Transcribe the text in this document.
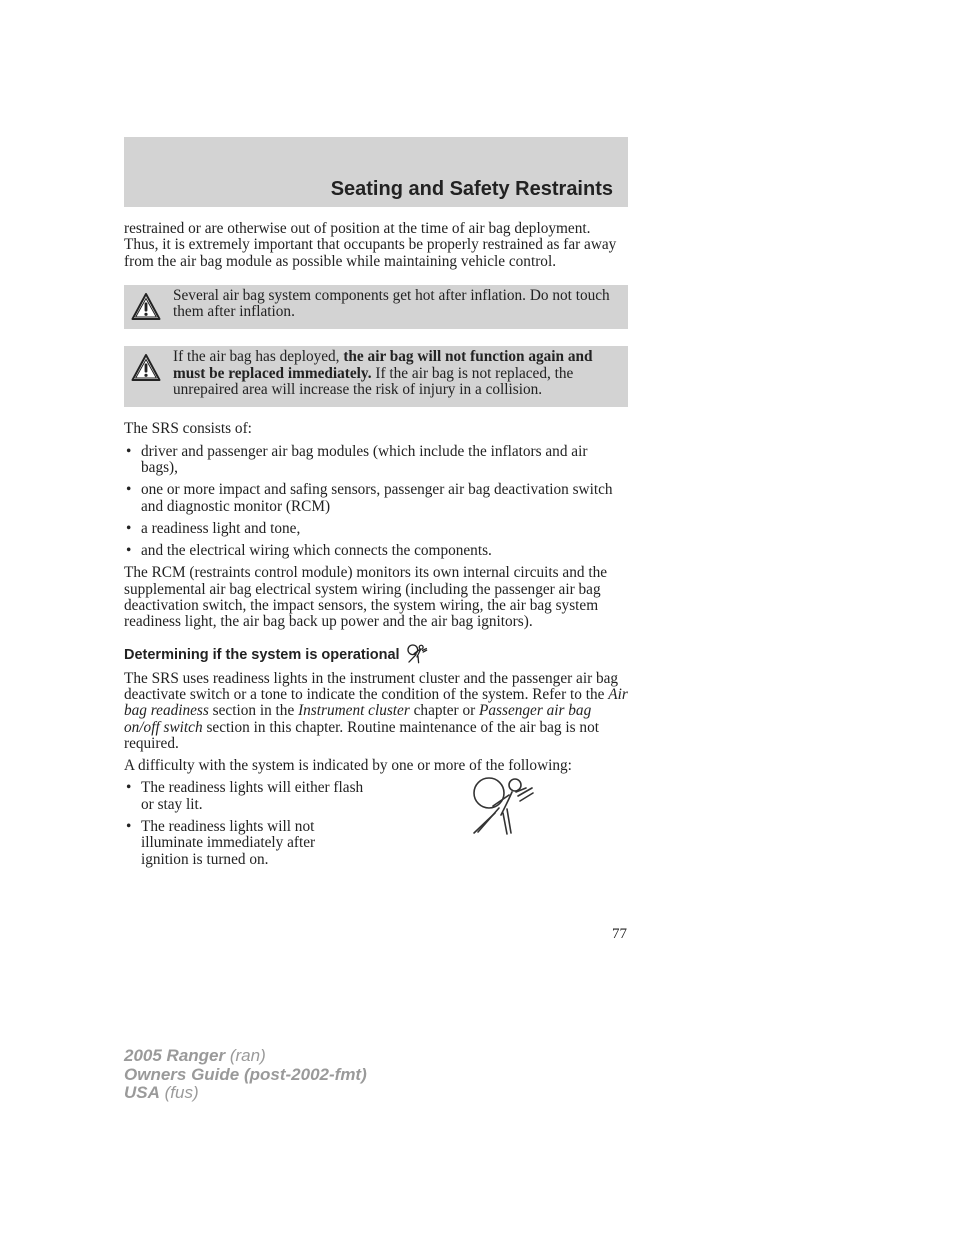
Seating and Safety Restraints

restrained or are otherwise out of position at the time of air bag deployment. Thus, it is extremely important that occupants be properly restrained as far away from the air bag module as possible while maintaining vehicle control.

Several air bag system components get hot after inflation. Do not touch them after inflation.
If the air bag has deployed, the air bag will not function again and must be replaced immediately. If the air bag is not replaced, the unrepaired area will increase the risk of injury in a collision.

The SRS consists of:

• driver and passenger air bag modules (which include the inflators and air bags),
• one or more impact and safing sensors, passenger air bag deactivation switch and diagnostic monitor (RCM)
• a readiness light and tone,
• and the electrical wiring which connects the components.

The RCM (restraints control module) monitors its own internal circuits and the supplemental air bag electrical system wiring (including the passenger air bag deactivation switch, the impact sensors, the system wiring, the air bag system readiness light, the air bag back up power and the air bag ignitors).

Determining if the system is operational

The SRS uses readiness lights in the instrument cluster and the passenger air bag deactivate switch or a tone to indicate the condition of the system. Refer to the Air bag readiness section in the Instrument cluster chapter or Passenger air bag on/off switch section in this chapter. Routine maintenance of the air bag is not required.

A difficulty with the system is indicated by one or more of the following:

• The readiness lights will either flash or stay lit.
• The readiness lights will not illuminate immediately after ignition is turned on.
77
2005 Ranger (ran)
Owners Guide (post-2002-fmt)
USA (fus)
